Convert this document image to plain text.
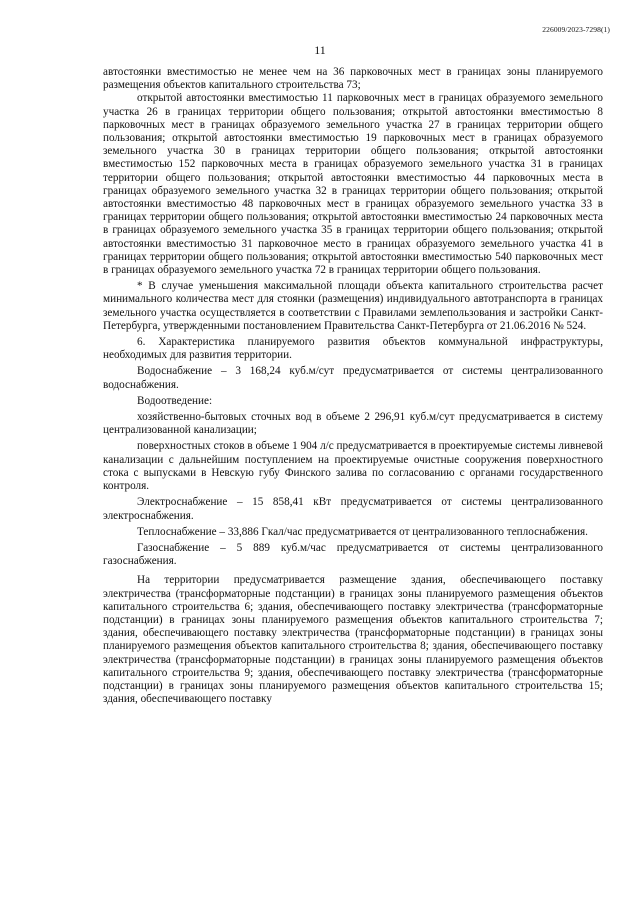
226009/2023-7298(1)
11

автостоянки вместимостью не менее чем на 36 парковочных мест в границах зоны планируемого размещения объектов капитального строительства 73;

открытой автостоянки вместимостью 11 парковочных мест в границах образуемого земельного участка 26 в границах территории общего пользования; открытой автостоянки вместимостью 8 парковочных мест в границах образуемого земельного участка 27 в границах территории общего пользования; открытой автостоянки вместимостью 19 парковочных мест в границах образуемого земельного участка 30 в границах территории общего пользования; открытой автостоянки вместимостью 152 парковочных места в границах образуемого земельного участка 31 в границах территории общего пользования; открытой автостоянки вместимостью 44 парковочных места в границах образуемого земельного участка 32 в границах территории общего пользования; открытой автостоянки вместимостью 48 парковочных мест в границах образуемого земельного участка 33 в границах территории общего пользования; открытой автостоянки вместимостью 24 парковочных места в границах образуемого земельного участка 35 в границах территории общего пользования; открытой автостоянки вместимостью 31 парковочное место в границах образуемого земельного участка 41 в границах территории общего пользования; открытой автостоянки вместимостью 540 парковочных мест в границах образуемого земельного участка 72 в границах территории общего пользования.

* В случае уменьшения максимальной площади объекта капитального строительства расчет минимального количества мест для стоянки (размещения) индивидуального автотранспорта в границах земельного участка осуществляется в соответствии с Правилами землепользования и застройки Санкт-Петербурга, утвержденными постановлением Правительства Санкт-Петербурга от 21.06.2016 № 524.

6. Характеристика планируемого развития объектов коммунальной инфраструктуры, необходимых для развития территории.

Водоснабжение – 3 168,24 куб.м/сут предусматривается от системы централизованного водоснабжения.

Водоотведение:

хозяйственно-бытовых сточных вод в объеме 2 296,91 куб.м/сут предусматривается в систему централизованной канализации;

поверхностных стоков в объеме 1 904 л/с предусматривается в проектируемые системы ливневой канализации с дальнейшим поступлением на проектируемые очистные сооружения поверхностного стока с выпусками в Невскую губу Финского залива по согласованию с органами государственного контроля.

Электроснабжение – 15 858,41 кВт предусматривается от системы централизованного электроснабжения.

Теплоснабжение – 33,886 Гкал/час предусматривается от централизованного теплоснабжения.

Газоснабжение – 5 889 куб.м/час предусматривается от системы централизованного газоснабжения.

На территории предусматривается размещение здания, обеспечивающего поставку электричества (трансформаторные подстанции) в границах зоны планируемого размещения объектов капитального строительства 6; здания, обеспечивающего поставку электричества (трансформаторные подстанции) в границах зоны планируемого размещения объектов капитального строительства 7; здания, обеспечивающего поставку электричества (трансформаторные подстанции) в границах зоны планируемого размещения объектов капитального строительства 8; здания, обеспечивающего поставку электричества (трансформаторные подстанции) в границах зоны планируемого размещения объектов капитального строительства 9; здания, обеспечивающего поставку электричества (трансформаторные подстанции) в границах зоны планируемого размещения объектов капитального строительства 15; здания, обеспечивающего поставку
